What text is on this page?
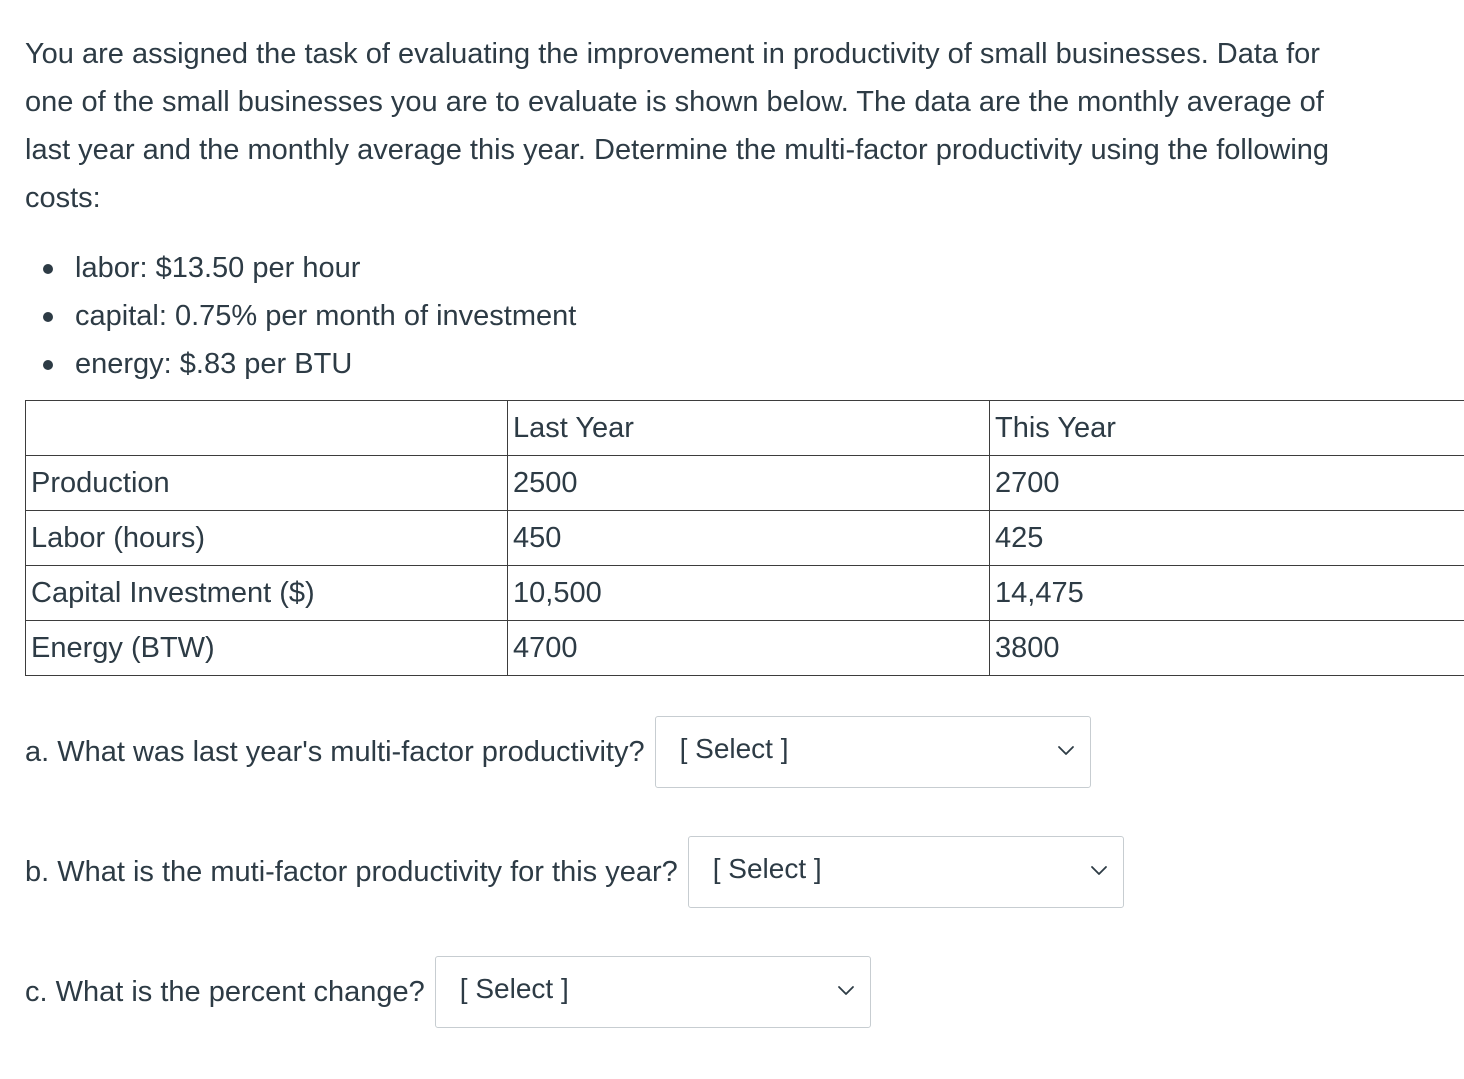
You are assigned the task of evaluating the improvement in productivity of small businesses. Data for
one of the small businesses you are to evaluate is shown below. The data are the monthly average of
last year and the monthly average this year. Determine the multi-factor productivity using the following
costs:

labor: $13.50 per hour
capital: 0.75% per month of investment
energy: $.83 per BTU
	Last Year	This Year
Production	2500	2700
Labor (hours)	450	425
Capital Investment ($)	10,500	14,475
Energy (BTW)	4700	3800
a. What was last year's multi-factor productivity? [ Select ]
b. What is the muti-factor productivity for this year? [ Select ]
c. What is the percent change? [ Select ]
